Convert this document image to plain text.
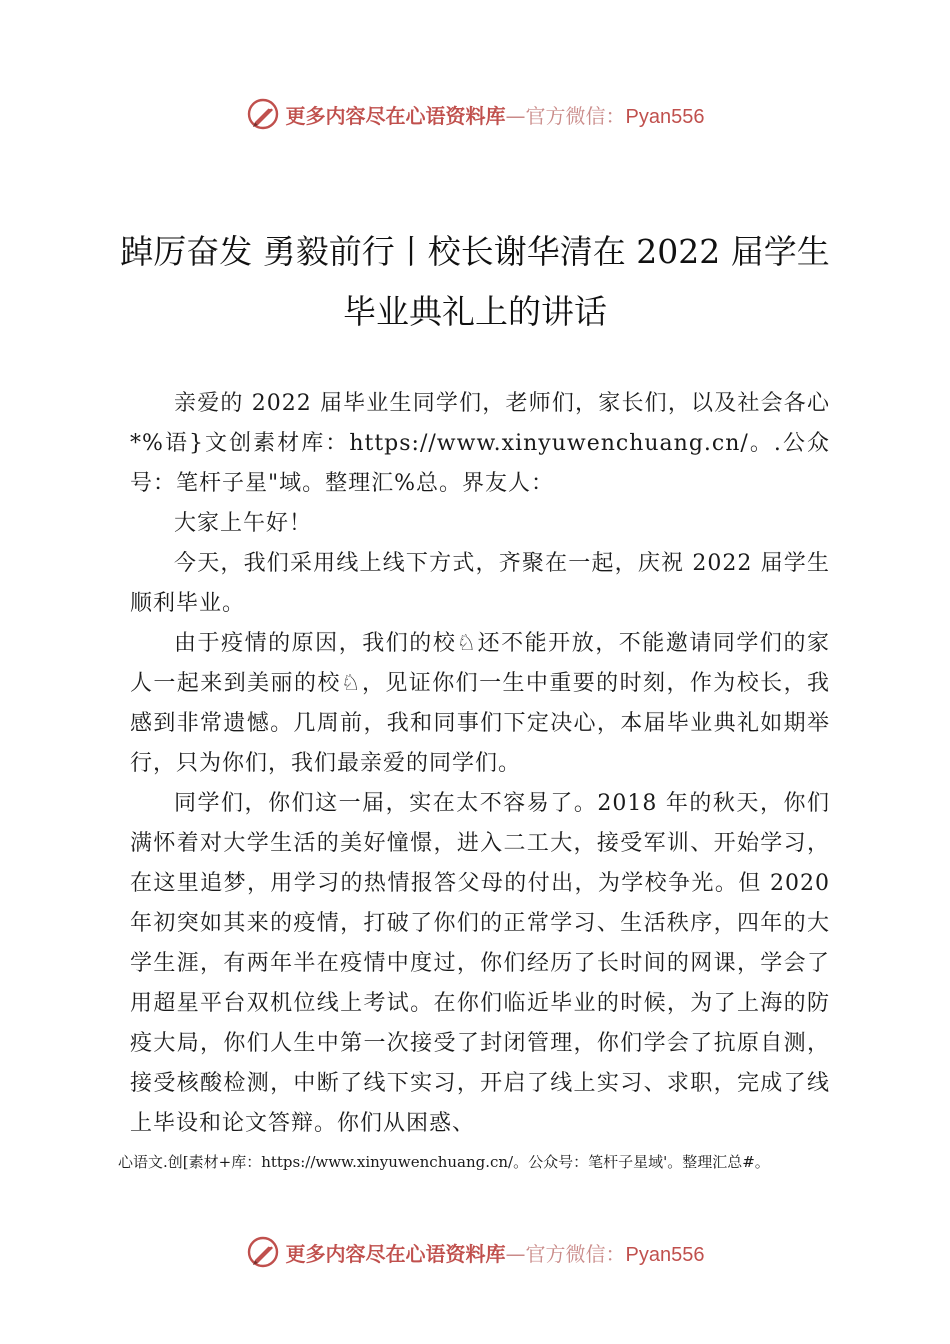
更多内容尽在心语资料库—官方微信：Pyan556
踔厉奋发 勇毅前行丨校长谢华清在 2022 届学生毕业典礼上的讲话

亲爱的 2022 届毕业生同学们，老师们，家长们，以及社会各心*%语}文创素材库：https://www.xinyuwenchuang.cn/。.公众号：笔杆子星"域。整理汇%总。界友人：

大家上午好！

今天，我们采用线上线下方式，齐聚在一起，庆祝 2022 届学生顺利毕业。

由于疫情的原因，我们的校♘还不能开放，不能邀请同学们的家人一起来到美丽的校♘，见证你们一生中重要的时刻，作为校长，我感到非常遗憾。几周前，我和同事们下定决心，本届毕业典礼如期举行，只为你们，我们最亲爱的同学们。

同学们，你们这一届，实在太不容易了。2018 年的秋天，你们满怀着对大学生活的美好憧憬，进入二工大，接受军训、开始学习，在这里追梦，用学习的热情报答父母的付出，为学校争光。但 2020 年初突如其来的疫情，打破了你们的正常学习、生活秩序，四年的大学生涯，有两年半在疫情中度过，你们经历了长时间的网课，学会了用超星平台双机位线上考试。在你们临近毕业的时候，为了上海的防疫大局，你们人生中第一次接受了封闭管理，你们学会了抗原自测，接受核酸检测，中断了线下实习，开启了线上实习、求职，完成了线上毕设和论文答辩。你们从困惑、

心语文.创[素材+库：https://www.xinyuwenchuang.cn/。公众号：笔杆子星域'。整理汇总#。
更多内容尽在心语资料库—官方微信：Pyan556
